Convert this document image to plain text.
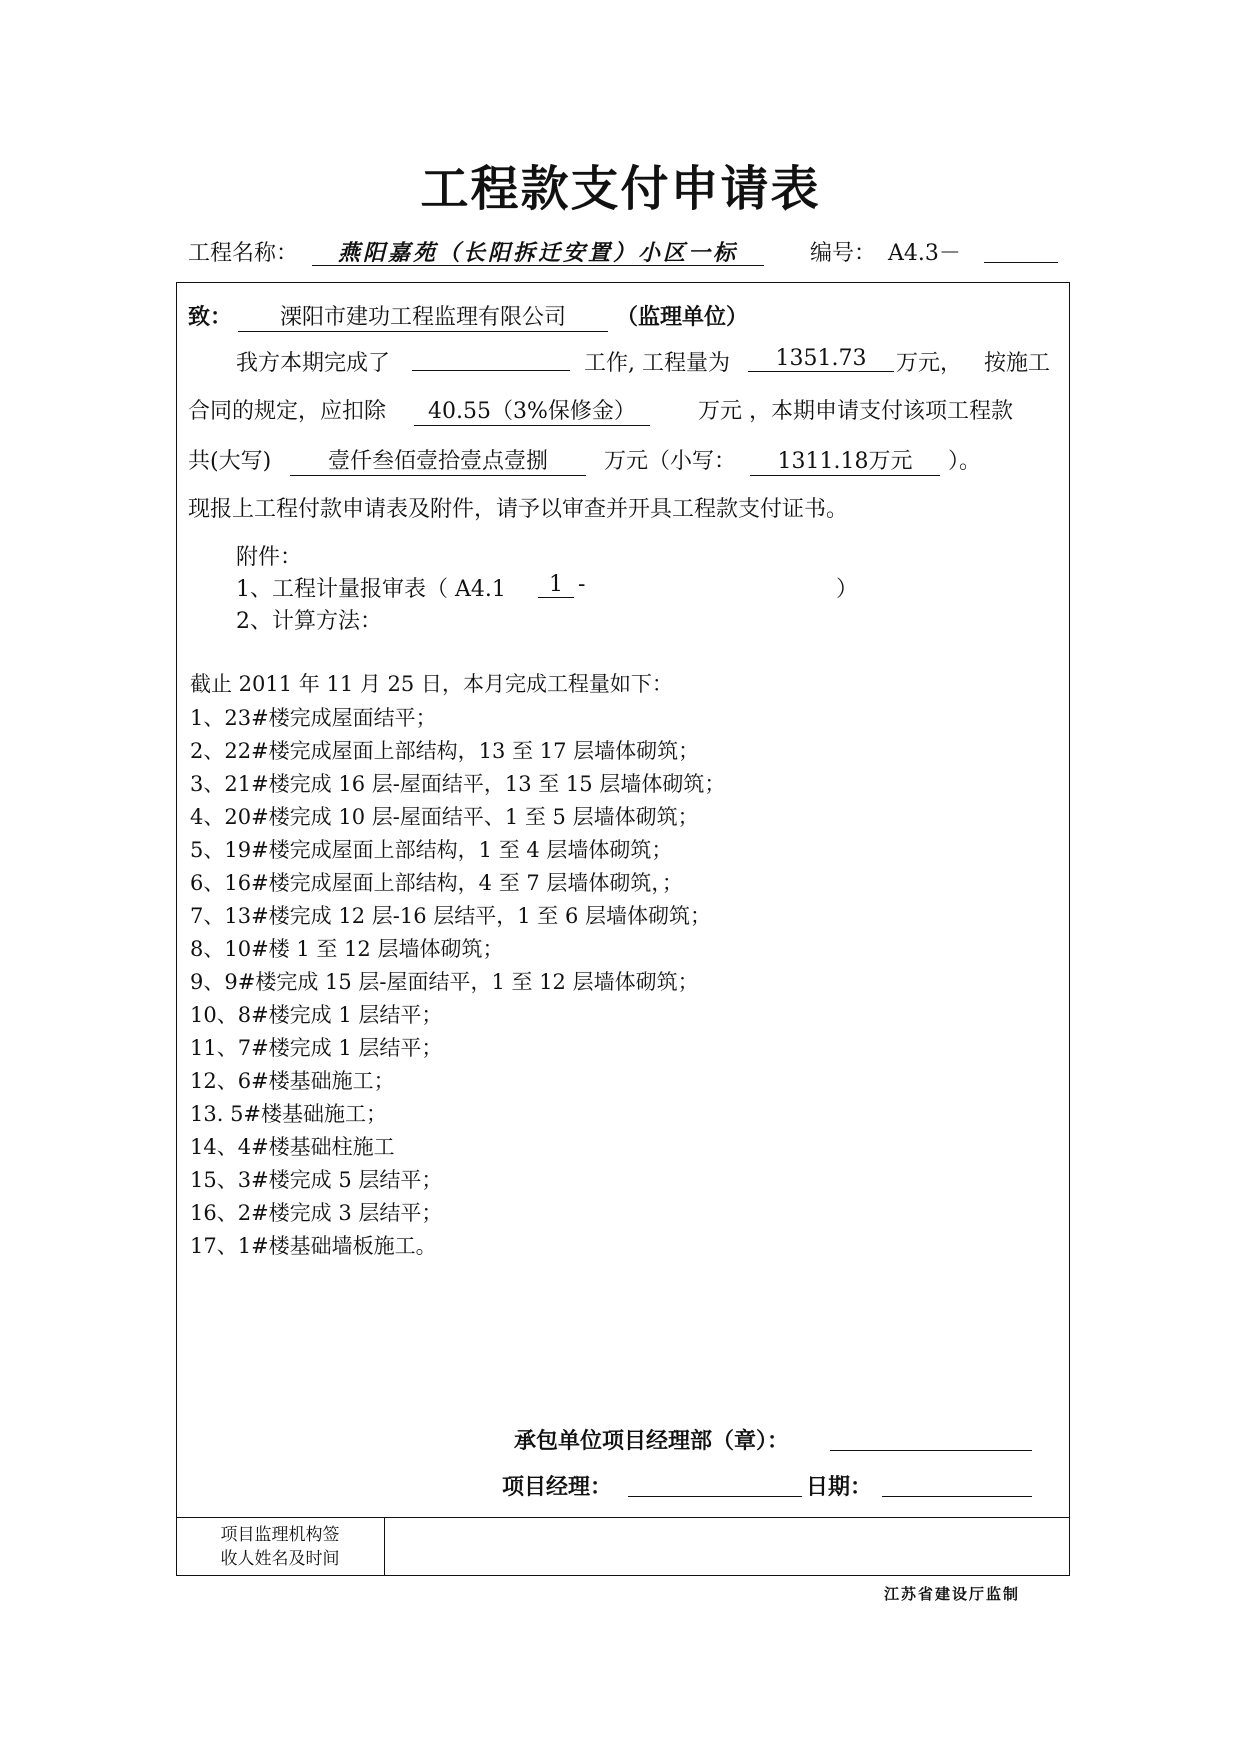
工程款支付申请表
工程名称：	燕阳嘉苑（长阳拆迁安置）小区一标	编号： A4.3－
致：	溧阳市建功工程监理有限公司	（监理单位）
我方本期完成了	工作, 工程量为	1351.73	万元， 按施工
合同的规定，应扣除	40.55（3%保修金）	万元 ，本期申请支付该项工程款
共(大写)	壹仟叁佰壹拾壹点壹捌	万元（小写：	1311.18万元	）。
现报上工程付款申请表及附件，请予以审查并开具工程款支付证书。
附件：
1、工程计量报审表（ A4.1	1 -	）
2、计算方法：
截止 2011 年 11 月 25 日，本月完成工程量如下：
1、23#楼完成屋面结平；
2、22#楼完成屋面上部结构，13 至 17 层墙体砌筑；
3、21#楼完成 16 层-屋面结平，13 至 15 层墙体砌筑；
4、20#楼完成 10 层-屋面结平、1 至 5 层墙体砌筑；
5、19#楼完成屋面上部结构，1 至 4 层墙体砌筑；
6、16#楼完成屋面上部结构，4 至 7 层墙体砌筑，；
7、13#楼完成 12 层-16 层结平，1 至 6 层墙体砌筑；
8、10#楼 1 至 12 层墙体砌筑；
9、9#楼完成 15 层-屋面结平，1 至 12 层墙体砌筑；
10、8#楼完成 1 层结平；
11、7#楼完成 1 层结平；
12、6#楼基础施工；
13. 5#楼基础施工；
14、4#楼基础柱施工
15、3#楼完成 5 层结平；
16、2#楼完成 3 层结平；
17、1#楼基础墙板施工。
承包单位项目经理部（章）：
项目经理：	日期：
项目监理机构签
收人姓名及时间
江苏省建设厅监制
